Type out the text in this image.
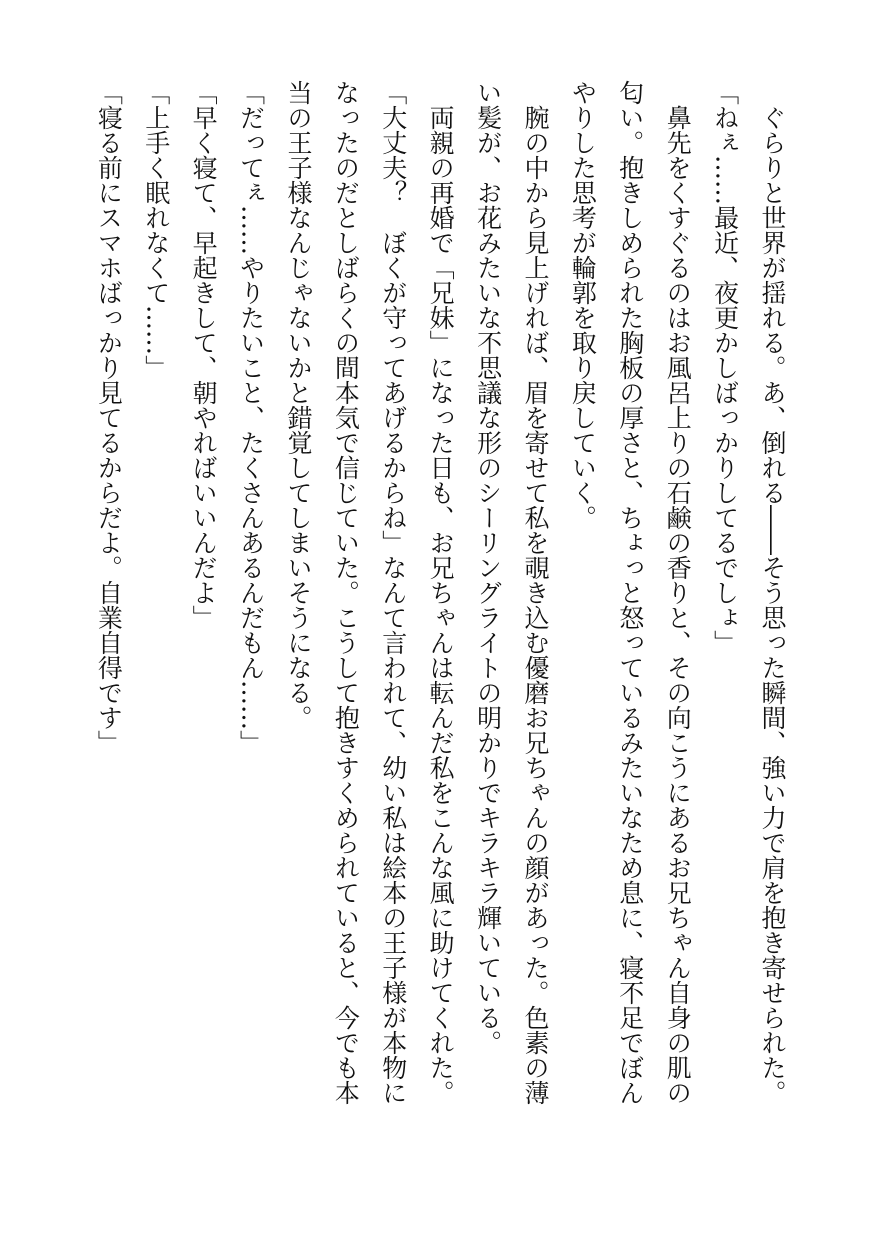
　ぐらりと世界が揺れる。あ、倒れる――そう思った瞬間、強い力で肩を抱き寄せられた。
「ねぇ……最近、夜更かしばっかりしてるでしょ」
　鼻先をくすぐるのはお風呂上りの石鹸の香りと、その向こうにあるお兄ちゃん自身の肌の
匂い。抱きしめられた胸板の厚さと、ちょっと怒っているみたいなため息に、寝不足でぼん
やりした思考が輪郭を取り戻していく。
　腕の中から見上げれば、眉を寄せて私を覗き込む優磨お兄ちゃんの顔があった。色素の薄
い髪が、お花みたいな不思議な形のシーリングライトの明かりでキラキラ輝いている。
　両親の再婚で「兄妹」になった日も、お兄ちゃんは転んだ私をこんな風に助けてくれた。
「大丈夫？　ぼくが守ってあげるからね」なんて言われて、幼い私は絵本の王子様が本物に
なったのだとしばらくの間本気で信じていた。こうして抱きすくめられていると、今でも本
当の王子様なんじゃないかと錯覚してしまいそうになる。
「だってぇ……やりたいこと、たくさんあるんだもん……」
「早く寝て、早起きして、朝やればいいんだよ」
「上手く眠れなくて……」
「寝る前にスマホばっかり見てるからだよ。自業自得です」
